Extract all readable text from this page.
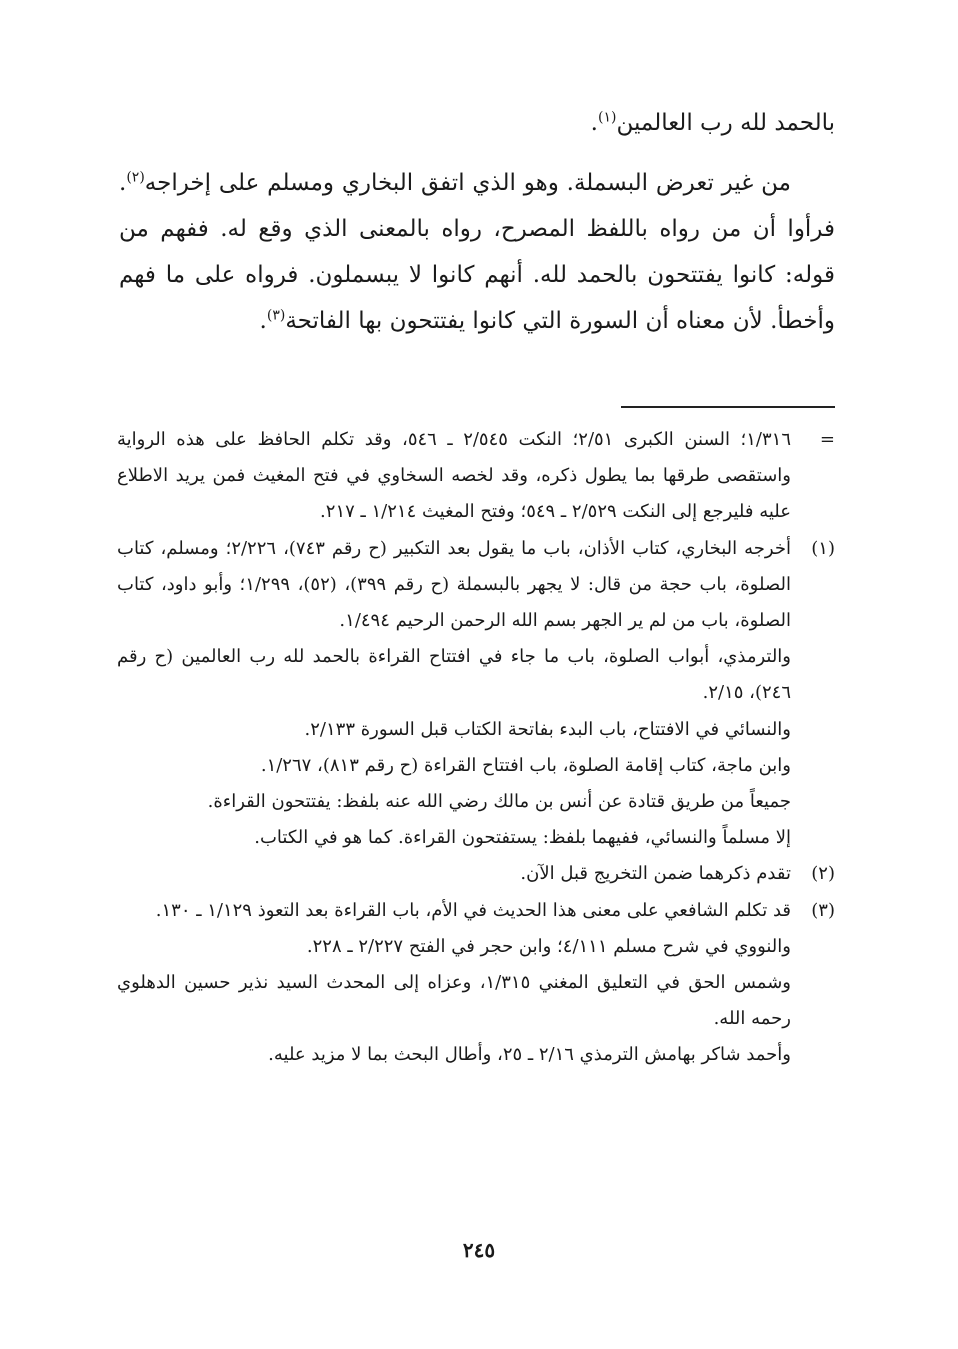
بالحمد لله رب العالمين$^{(١)}$.

من غير تعرض البسملة. وهو الذي اتفق البخاري ومسلم على إخراجه$^{(٢)}$. فرأوا أن من رواه باللفظ المصرح، رواه بالمعنى الذي وقع له. ففهم من قوله: كانوا يفتتحون بالحمد لله. أنهم كانوا لا يبسملون. فرواه على ما فهم وأخطأ. لأن معناه أن السورة التي كانوا يفتتحون بها الفاتحة$^{(٣)}$.

=

١/٣١٦؛ السنن الكبرى ٢/٥١؛ النكت ٢/٥٤٥ ـ ٥٤٦، وقد تكلم الحافظ على هذه الرواية واستقصى طرقها بما يطول ذكره، وقد لخصه السخاوي في فتح المغيث فمن يريد الاطلاع عليه فليرجع إلى النكت ٢/٥٢٩ ـ ٥٤٩؛ وفتح المغيث ١/٢١٤ ـ ٢١٧.

(١)

أخرجه البخاري، كتاب الأذان، باب ما يقول بعد التكبير (ح رقم ٧٤٣)، ٢/٢٢٦؛ ومسلم، كتاب الصلوة، باب حجة من قال: لا يجهر بالبسملة (ح رقم ٣٩٩)، (٥٢)، ١/٢٩٩؛ وأبو داود، كتاب الصلوة، باب من لم ير الجهر بسم الله الرحمن الرحيم ١/٤٩٤.

والترمذي، أبواب الصلوة، باب ما جاء في افتتاح القراءة بالحمد لله رب العالمين (ح رقم ٢٤٦)، ٢/١٥.

والنسائي في الافتتاح، باب البدء بفاتحة الكتاب قبل السورة ٢/١٣٣.

وابن ماجة، كتاب إقامة الصلوة، باب افتتاح القراءة (ح رقم ٨١٣)، ١/٢٦٧.

جميعاً من طريق قتادة عن أنس بن مالك رضي الله عنه بلفظ: يفتتحون القراءة.

إلا مسلماً والنسائي، ففيهما بلفظ: يستفتحون القراءة. كما هو في الكتاب.

(٢)

تقدم ذكرهما ضمن التخريج قبل الآن.

(٣)

قد تكلم الشافعي على معنى هذا الحديث في الأم، باب القراءة بعد التعوذ ١/١٢٩ ـ ١٣٠.

والنووي في شرح مسلم ٤/١١١؛ وابن حجر في الفتح ٢/٢٢٧ ـ ٢٢٨.

وشمس الحق في التعليق المغني ١/٣١٥، وعزاه إلى المحدث السيد نذير حسين الدهلوي رحمه الله.

وأحمد شاكر بهامش الترمذي ٢/١٦ ـ ٢٥، وأطال البحث بما لا مزيد عليه.

٢٤٥
